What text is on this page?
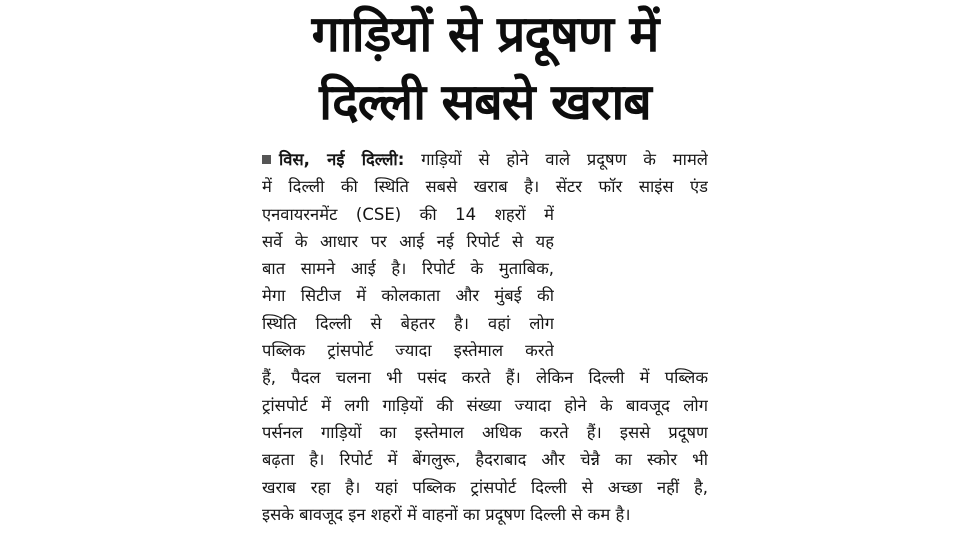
गाड़ियों से प्रदूषण में
दिल्ली सबसे खराब
विस, नई दिल्ली: गाड़ियों से होने वाले प्रदूषण के मामले
में दिल्ली की स्थिति सबसे खराब है। सेंटर फॉर साइंस एंड
एनवायरनमेंट (CSE) की 14 शहरों में
सर्वे के आधार पर आई नई रिपोर्ट से यह
बात सामने आई है। रिपोर्ट के मुताबिक,
मेगा सिटीज में कोलकाता और मुंबई की
स्थिति दिल्ली से बेहतर है। वहां लोग
पब्लिक ट्रांसपोर्ट ज्यादा इस्तेमाल करते
हैं, पैदल चलना भी पसंद करते हैं। लेकिन दिल्ली में पब्लिक
ट्रांसपोर्ट में लगी गाड़ियों की संख्या ज्यादा होने के बावजूद लोग
पर्सनल गाड़ियों का इस्तेमाल अधिक करते हैं। इससे प्रदूषण
बढ़ता है। रिपोर्ट में बेंगलुरू, हैदराबाद और चेन्नै का स्कोर भी
खराब रहा है। यहां पब्लिक ट्रांसपोर्ट दिल्ली से अच्छा नहीं है,
इसके बावजूद इन शहरों में वाहनों का प्रदूषण दिल्ली से कम है।
